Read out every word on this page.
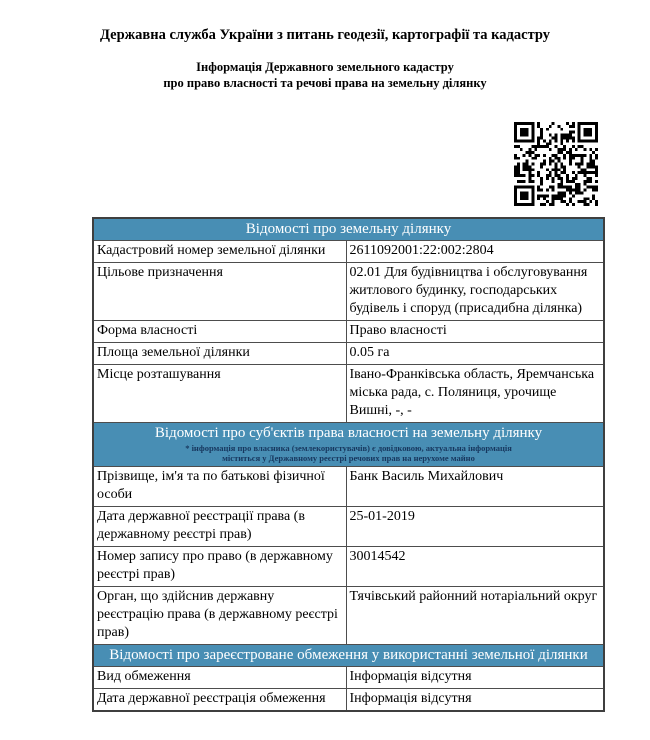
Державна служба України з питань геодезії, картографії та кадастру
Інформація Державного земельного кадастру
про право власності та речові права на земельну ділянку
Відомості про земельну ділянку	

Кадастровий номер земельної ділянки	2611092001:22:002:2804
Цільове призначення	02.01 Для будівництва і обслуговування житлового будинку, господарських будівель і споруд (присадибна ділянка)
Форма власності	Право власності
Площа земельної ділянки	0.05 га
Місце розташування	Івано-Франківська область, Яремчанська міська рада, с. Поляниця, урочище Вишні, -, -

Відомості про суб'єктів права власності на земельну ділянку
* інформація про власника (землекористувачів) є довідковою, актуальна інформація міститься у Державному реєстрі речових прав на нерухоме майно	

Прізвище, ім'я та по батькові фізичної особи	Банк Василь Михайлович
Дата державної реєстрації права (в державному реєстрі прав)	25-01-2019
Номер запису про право (в державному реєстрі прав)	30014542
Орган, що здійснив державну реєстрацію права (в державному реєстрі прав)	Тячівський районний нотаріальний округ

Відомості про зареєстроване обмеження у використанні земельної ділянки	

Вид обмеження	Інформація відсутня
Дата державної реєстрація обмеження	Інформація відсутня
